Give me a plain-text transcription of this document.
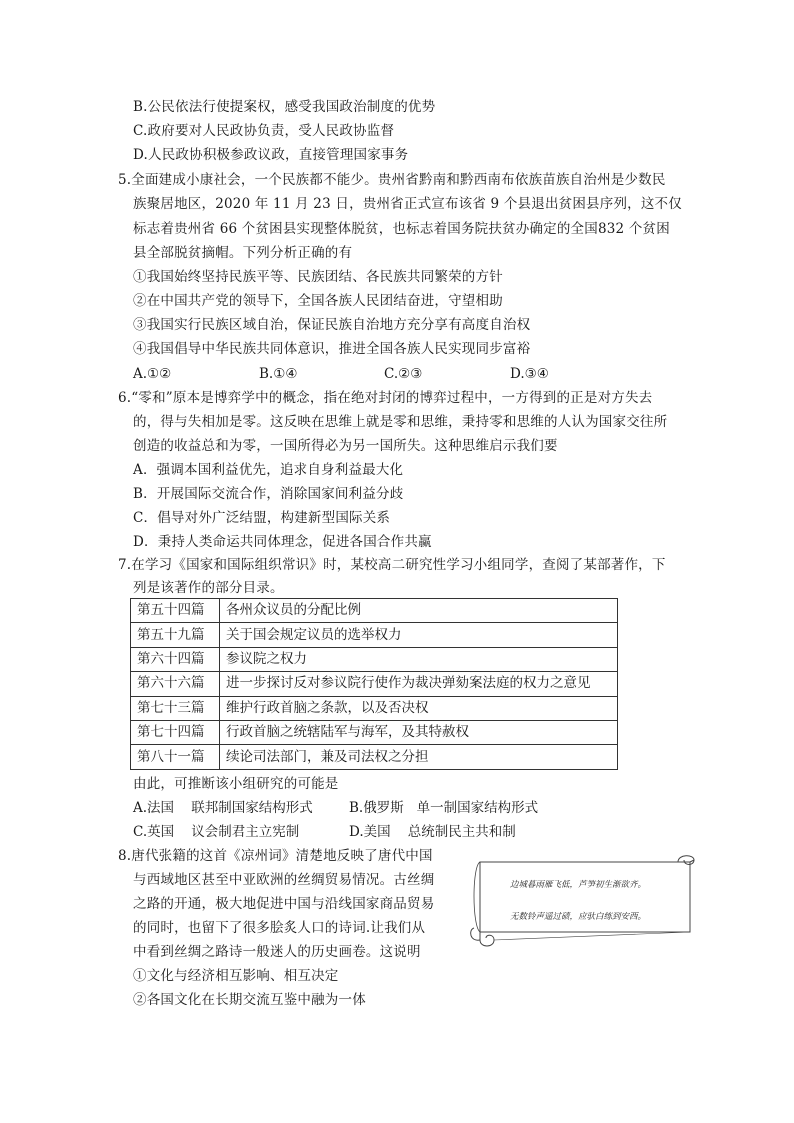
B.公民依法行使提案权，感受我国政治制度的优势
C.政府要对人民政协负责，受人民政协监督
D.人民政协积极参政议政，直接管理国家事务
5.全面建成小康社会，一个民族都不能少。贵州省黔南和黔西南布依族苗族自治州是少数民
族聚居地区，2020 年 11 月 23 日，贵州省正式宣布该省 9 个县退出贫困县序列，这不仅
标志着贵州省 66 个贫困县实现整体脱贫，也标志着国务院扶贫办确定的全国832 个贫困
县全部脱贫摘帽。下列分析正确的有
①我国始终坚持民族平等、民族团结、各民族共同繁荣的方针
②在中国共产党的领导下，全国各族人民团结奋进，守望相助
③我国实行民族区域自治，保证民族自治地方充分享有高度自治权
④我国倡导中华民族共同体意识，推进全国各族人民实现同步富裕
A.①②	B.①④	C.②③	D.③④
6.“零和”原本是博弈学中的概念，指在绝对封闭的博弈过程中，一方得到的正是对方失去
的，得与失相加是零。这反映在思维上就是零和思维，秉持零和思维的人认为国家交往所
创造的收益总和为零，一国所得必为另一国所失。这种思维启示我们要
A．强调本国利益优先，追求自身利益最大化
B．开展国际交流合作，消除国家间利益分歧
C．倡导对外广泛结盟，构建新型国际关系
D．秉持人类命运共同体理念，促进各国合作共赢
7.在学习《国家和国际组织常识》时，某校高二研究性学习小组同学，查阅了某部著作，下
列是该著作的部分目录。
第五十四篇	各州众议员的分配比例
第五十九篇	关于国会规定议员的选举权力
第六十四篇	参议院之权力
第六十六篇	进一步探讨反对参议院行使作为裁决弹劾案法庭的权力之意见
第七十三篇	维护行政首脑之条款，以及否决权
第七十四篇	行政首脑之统辖陆军与海军，及其特赦权
第八十一篇	续论司法部门，兼及司法权之分担
由此，可推断该小组研究的可能是
A.法国    联邦制国家结构形式	B.俄罗斯   单一制国家结构形式
C.英国    议会制君主立宪制	D.美国    总统制民主共和制
8.唐代张籍的这首《凉州词》清楚地反映了唐代中国
与西域地区甚至中亚欧洲的丝绸贸易情况。古丝绸
之路的开通，极大地促进中国与沿线国家商品贸易
的同时，也留下了很多脍炙人口的诗词.让我们从
中看到丝绸之路诗一般迷人的历史画卷。这说明
①文化与经济相互影响、相互决定
②各国文化在长期交流互鉴中融为一体
边城暮雨雁飞低，芦笋初生渐欲齐。
无数铃声遥过碛，应驮白练到安西。
